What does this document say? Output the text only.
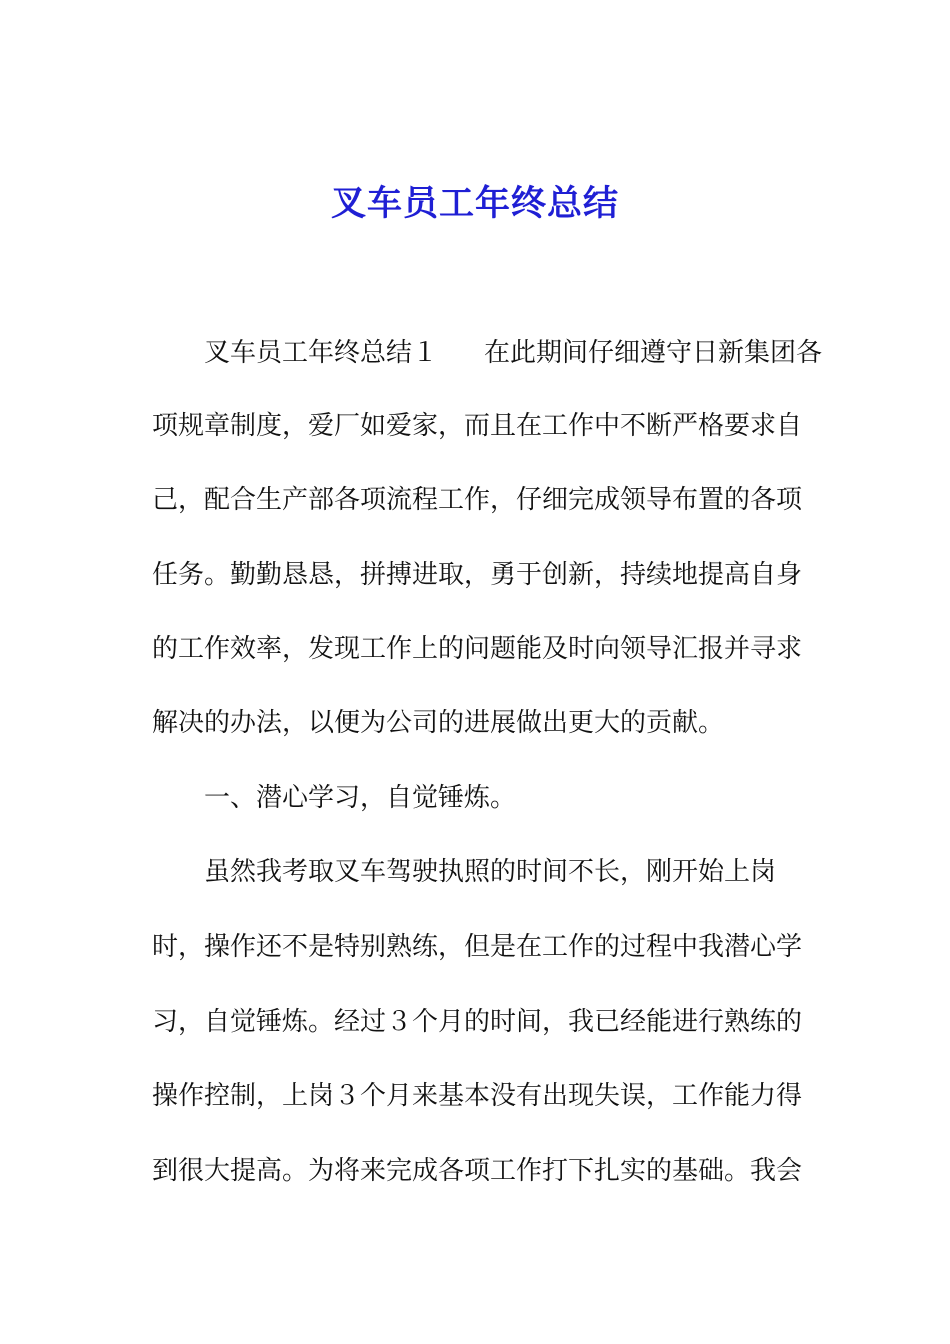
叉车员工年终总结

叉车员工年终总结１ 在此期间仔细遵守日新集团各

项规章制度，爱厂如爱家，而且在工作中不断严格要求自

己，配合生产部各项流程工作，仔细完成领导布置的各项

任务。勤勤恳恳，拼搏进取，勇于创新，持续地提高自身

的工作效率，发现工作上的问题能及时向领导汇报并寻求

解决的办法，以便为公司的进展做出更大的贡献。

一、潜心学习，自觉锤炼。

虽然我考取叉车驾驶执照的时间不长，刚开始上岗

时，操作还不是特别熟练，但是在工作的过程中我潜心学

习，自觉锤炼。经过３个月的时间，我已经能进行熟练的

操作控制，上岗３个月来基本没有出现失误，工作能力得

到很大提高。为将来完成各项工作打下扎实的基础。我会
